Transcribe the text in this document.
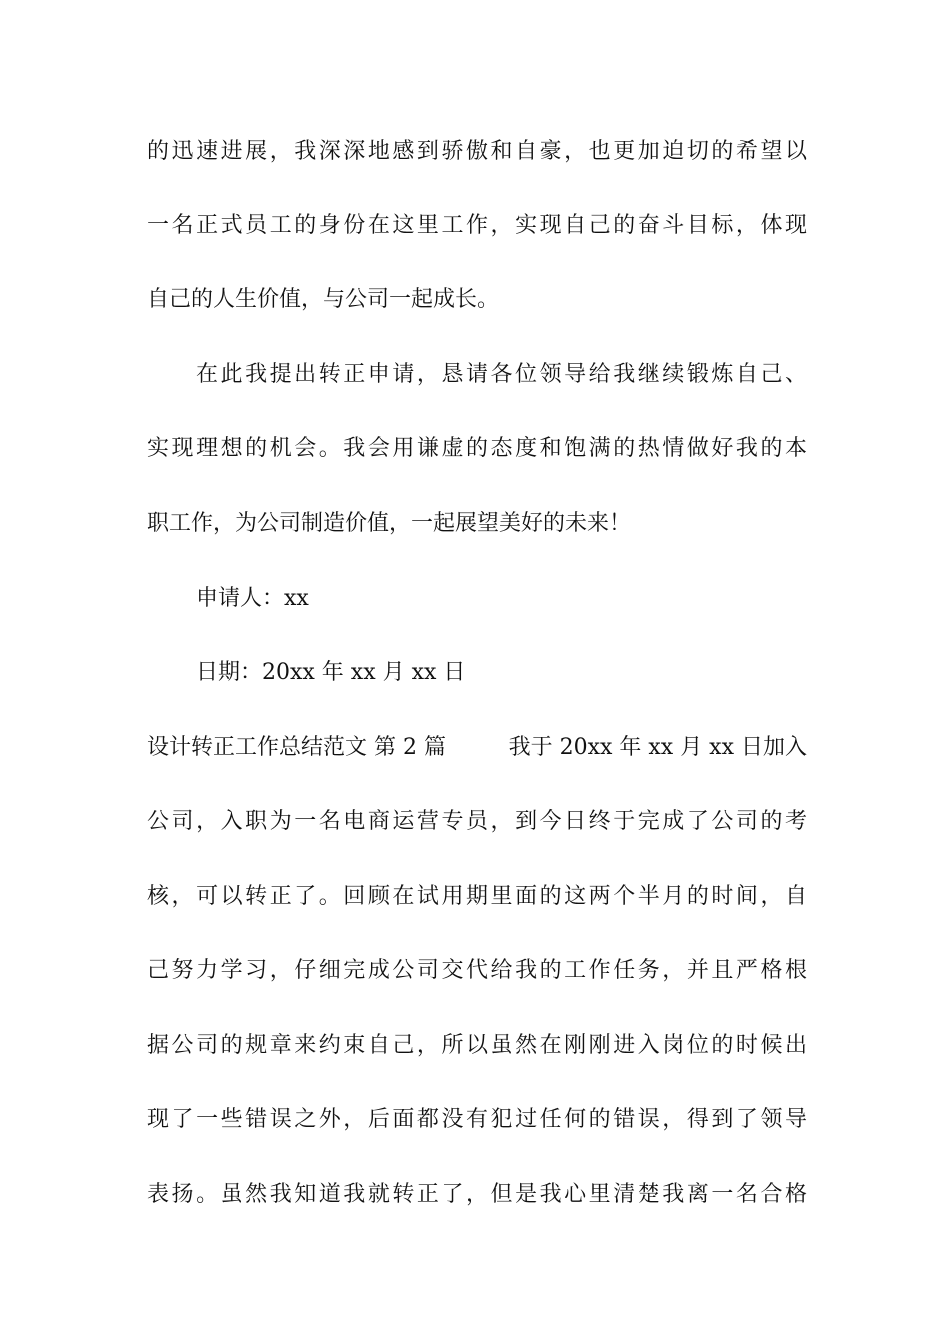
的迅速进展，我深深地感到骄傲和自豪，也更加迫切的希望以
一名正式员工的身份在这里工作，实现自己的奋斗目标，体现
自己的人生价值，与公司一起成长。
在此我提出转正申请，恳请各位领导给我继续锻炼自己、
实现理想的机会。我会用谦虚的态度和饱满的热情做好我的本
职工作，为公司制造价值，一起展望美好的未来！
申请人：xx
日期：20xx 年 xx 月 xx 日
设计转正工作总结范文 第 2 篇	我于 20xx 年 xx 月 xx 日加入
公司，入职为一名电商运营专员，到今日终于完成了公司的考
核，可以转正了。回顾在试用期里面的这两个半月的时间，自
己努力学习，仔细完成公司交代给我的工作任务，并且严格根
据公司的规章来约束自己，所以虽然在刚刚进入岗位的时候出
现了一些错误之外，后面都没有犯过任何的错误，得到了领导
表扬。虽然我知道我就转正了，但是我心里清楚我离一名合格
